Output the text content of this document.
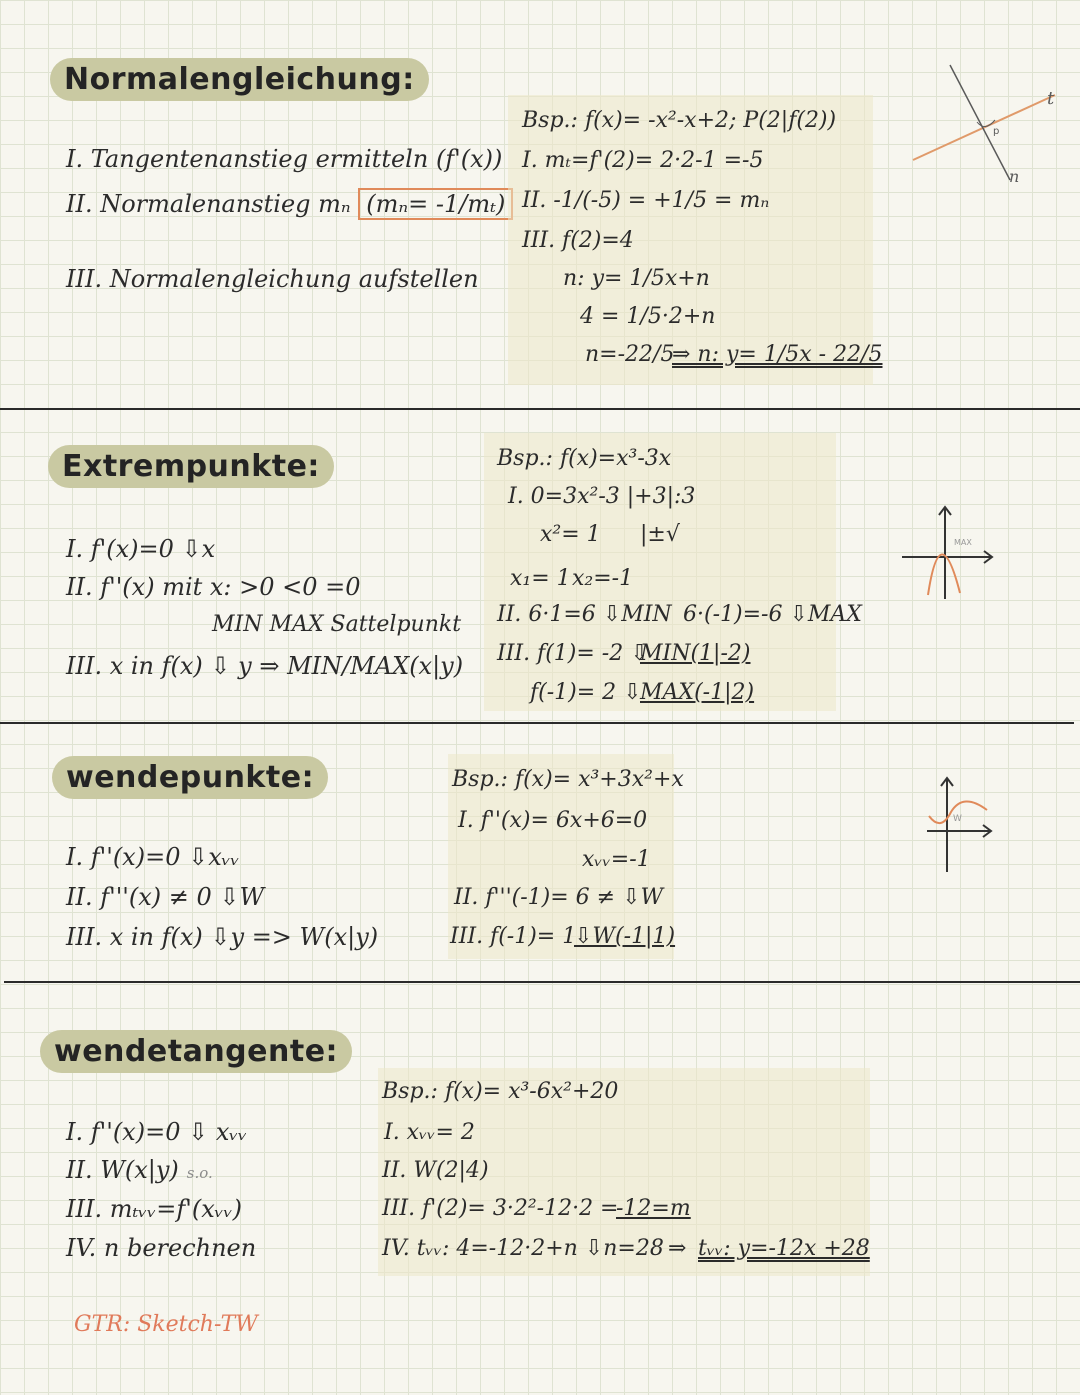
Normalengleichung:
I. Tangentenanstieg ermitteln (f'(x))
II. Normalenanstieg mₙ (mₙ= -1/mₜ)
III. Normalengleichung aufstellen
Bsp.: f(x)= -x²-x+2; P(2|f(2))
I. mₜ=f'(2)= 2·2-1 =-5
II. -1/(-5) = +1/5 = mₙ
III. f(2)=4
n: y= 1/5x+n
4 = 1/5·2+n
n=-22/5
⇒ n: y= 1/5x - 22/5
t
n
p
Extrempunkte:
I. f'(x)=0 ⇩x
II. f''(x) mit x: >0 <0 =0
MIN MAX Sattelpunkt
III. x in f(x) ⇩ y ⇒ MIN/MAX(x|y)
Bsp.: f(x)=x³-3x
I. 0=3x²-3 |+3|:3
x²= 1 |±√
x₁= 1 x₂=-1
II. 6·1=6 ⇩MIN 6·(-1)=-6 ⇩MAX
III. f(1)= -2 ⇩
MIN(1|-2)
f(-1)= 2 ⇩
MAX(-1|2)
MAX
wendepunkte:
I. f''(x)=0 ⇩xᵥᵥ
II. f'''(x) ≠ 0 ⇩W
III. x in f(x) ⇩y => W(x|y)
Bsp.: f(x)= x³+3x²+x
I. f''(x)= 6x+6=0
xᵥᵥ=-1
II. f'''(-1)= 6 ≠ ⇩W
III. f(-1)= 1
⇩W(-1|1)
W
wendetangente:
I. f''(x)=0 ⇩ xᵥᵥ
II. W(x|y) s.o.
III. mₜᵥᵥ=f'(xᵥᵥ)
IV. n berechnen
GTR: Sketch-TW
Bsp.: f(x)= x³-6x²+20
I. xᵥᵥ= 2
II. W(2|4)
III. f'(2)= 3·2²-12·2 =
-12=m
IV. tᵥᵥ: 4=-12·2+n ⇩n=28 ⇒ tᵥᵥ: y=-12x +28
